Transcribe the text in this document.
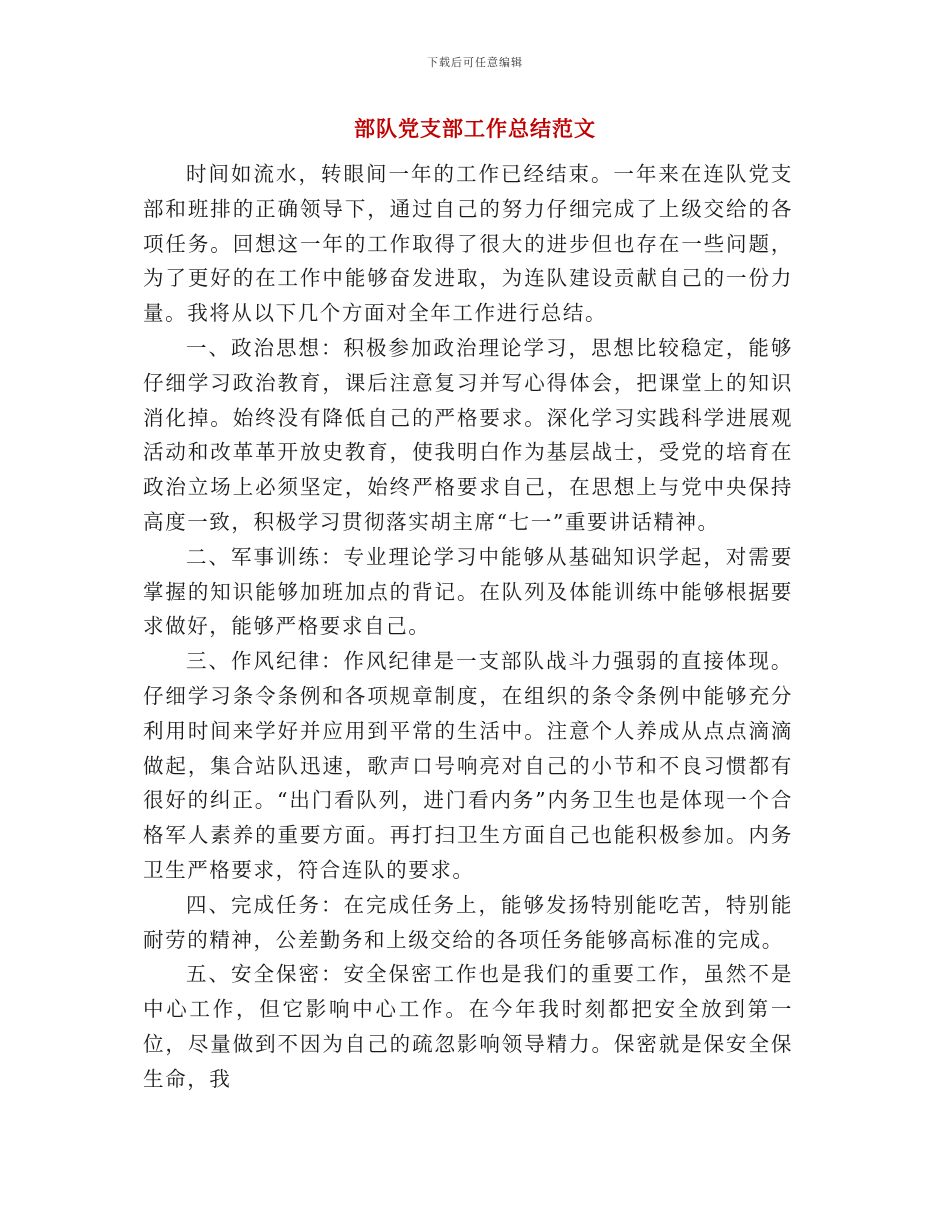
下载后可任意编辑
部队党支部工作总结范文

时间如流水，转眼间一年的工作已经结束。一年来在连队党支部和班排的正确领导下，通过自己的努力仔细完成了上级交给的各项任务。回想这一年的工作取得了很大的进步但也存在一些问题，为了更好的在工作中能够奋发进取，为连队建设贡献自己的一份力量。我将从以下几个方面对全年工作进行总结。

一、政治思想：积极参加政治理论学习，思想比较稳定，能够仔细学习政治教育，课后注意复习并写心得体会，把课堂上的知识消化掉。始终没有降低自己的严格要求。深化学习实践科学进展观活动和改革革开放史教育，使我明白作为基层战士，受党的培育在政治立场上必须坚定，始终严格要求自己，在思想上与党中央保持高度一致，积极学习贯彻落实胡主席“七一”重要讲话精神。

二、军事训练：专业理论学习中能够从基础知识学起，对需要掌握的知识能够加班加点的背记。在队列及体能训练中能够根据要求做好，能够严格要求自己。

三、作风纪律：作风纪律是一支部队战斗力强弱的直接体现。仔细学习条令条例和各项规章制度，在组织的条令条例中能够充分利用时间来学好并应用到平常的生活中。注意个人养成从点点滴滴做起，集合站队迅速，歌声口号响亮对自己的小节和不良习惯都有很好的纠正。“出门看队列，进门看内务”内务卫生也是体现一个合格军人素养的重要方面。再打扫卫生方面自己也能积极参加。内务卫生严格要求，符合连队的要求。

四、完成任务：在完成任务上，能够发扬特别能吃苦，特别能耐劳的精神，公差勤务和上级交给的各项任务能够高标准的完成。

五、安全保密：安全保密工作也是我们的重要工作，虽然不是中心工作，但它影响中心工作。在今年我时刻都把安全放到第一位，尽量做到不因为自己的疏忽影响领导精力。保密就是保安全保生命，我
